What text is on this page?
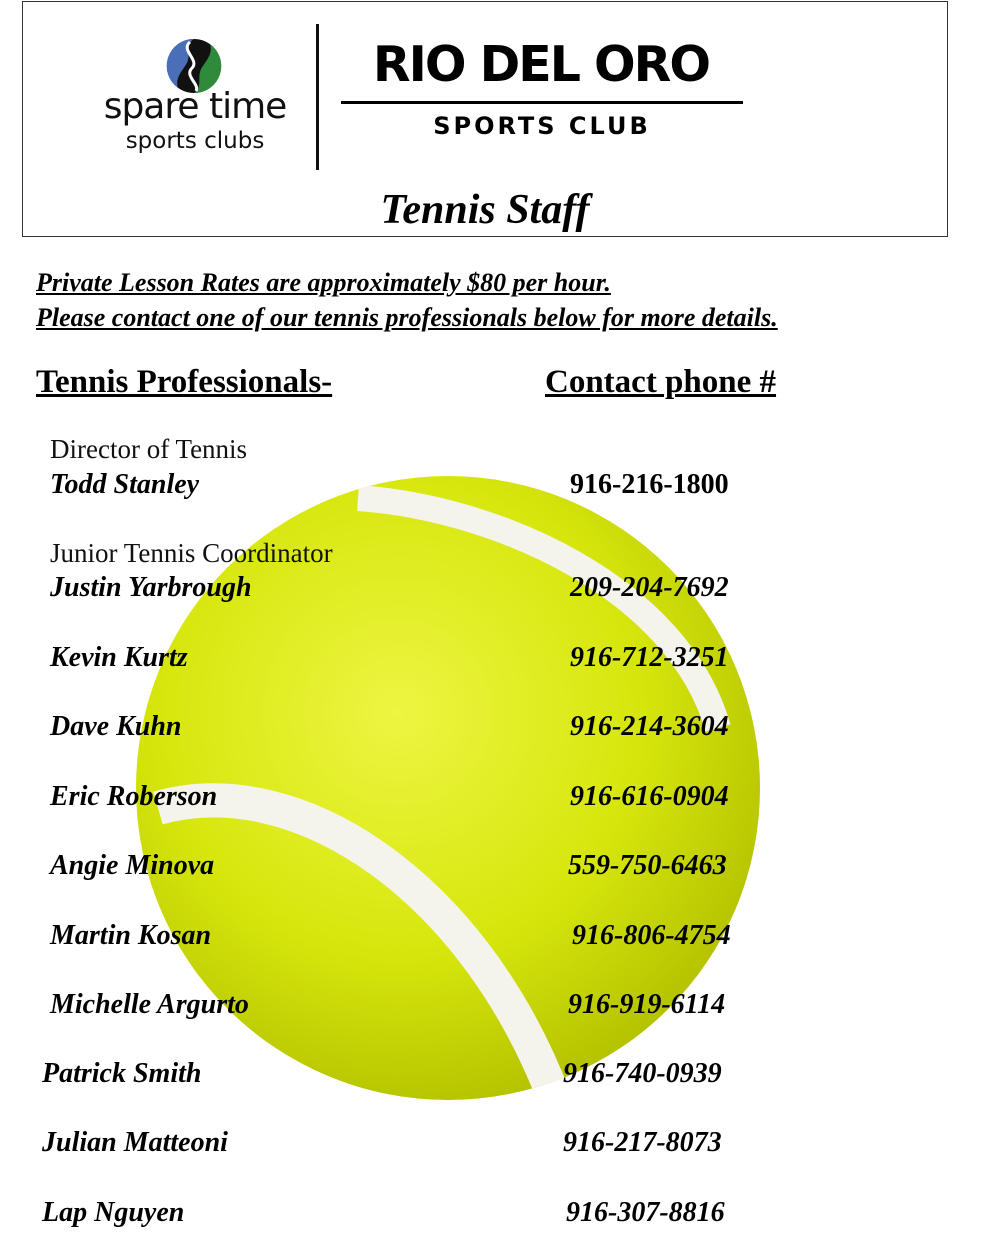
spare time
sports clubs
RIO DEL ORO
SPORTS CLUB
Tennis Staff
Private Lesson Rates are approximately $80 per hour.
Please contact one of our tennis professionals below for more details.
Tennis Professionals-	Contact phone #
Director of Tennis
Todd Stanley	916-216-1800
Junior Tennis Coordinator
Justin Yarbrough	209-204-7692
Kevin Kurtz	916-712-3251
Dave Kuhn	916-214-3604
Eric Roberson	916-616-0904
Angie Minova	559-750-6463
Martin Kosan	916-806-4754
Michelle Argurto	916-919-6114
Patrick Smith	916-740-0939
Julian Matteoni	916-217-8073
Lap Nguyen	916-307-8816
